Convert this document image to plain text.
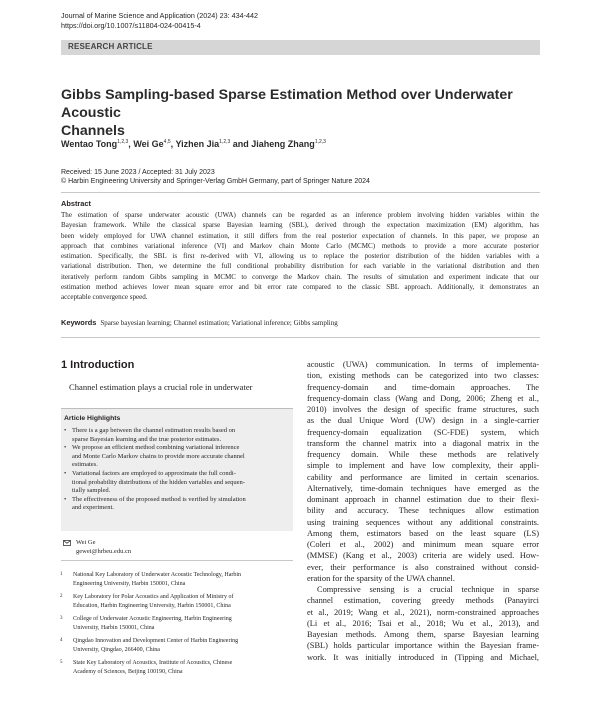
Journal of Marine Science and Application (2024) 23: 434-442
https://doi.org/10.1007/s11804-024-00415-4
RESEARCH ARTICLE
Gibbs Sampling-based Sparse Estimation Method over Underwater Acoustic
Channels
Wentao Tong$^{1,2,3}$, Wei Ge$^{4,5}$, Yizhen Jia$^{1,2,3}$ and Jiaheng Zhang$^{1,2,3}$
Received: 15 June 2023 / Accepted: 31 July 2023
© Harbin Engineering University and Springer-Verlag GmbH Germany, part of Springer Nature 2024
Abstract
The estimation of sparse underwater acoustic (UWA) channels can be regarded as an inference problem involving hidden variables within the
Bayesian framework. While the classical sparse Bayesian learning (SBL), derived through the expectation maximization (EM) algorithm, has
been widely employed for UWA channel estimation, it still differs from the real posterior expectation of channels. In this paper, we propose an
approach that combines variational inference (VI) and Markov chain Monte Carlo (MCMC) methods to provide a more accurate posterior
estimation. Specifically, the SBL is first re-derived with VI, allowing us to replace the posterior distribution of the hidden variables with a
variational distribution. Then, we determine the full conditional probability distribution for each variable in the variational distribution and then
iteratively perform random Gibbs sampling in MCMC to converge the Markov chain. The results of simulation and experiment indicate that our
estimation method achieves lower mean square error and bit error rate compared to the classic SBL approach. Additionally, it demonstrates an
acceptable convergence speed.
Keywords Sparse bayesian learning; Channel estimation; Variational inference; Gibbs sampling
1 Introduction
Channel estimation plays a crucial role in underwater
Article Highlights
• There is a gap between the channel estimation results based on
sparse Bayesian learning and the true posterior estimates.
• We propose an efficient method combining variational inference
and Monte Carlo Markov chains to provide more accurate channel
estimates.
• Variational factors are employed to approximate the full condi-
tional probability distributions of the hidden variables and sequen-
tially sampled.
• The effectiveness of the proposed method is verified by simulation
and experiment.
Wei Ge
gewei@hrbeu.edu.cn
1 National Key Laboratory of Underwater Acoustic Technology, Harbin
Engineering University, Harbin 150001, China
2 Key Laboratory for Polar Acoustics and Application of Ministry of
Education, Harbin Engineering University, Harbin 150001, China
3 College of Underwater Acoustic Engineering, Harbin Engineering
University, Harbin 150001, China
4 Qingdao Innovation and Development Center of Harbin Engineering
University, Qingdao, 266400, China
5 State Key Laboratory of Acoustics, Institute of Acoustics, Chinese
Academy of Sciences, Beijing 100190, China
acoustic (UWA) communication. In terms of implementa-
tion, existing methods can be categorized into two classes:
frequency-domain and time-domain approaches. The
frequency-domain class (Wang and Dong, 2006; Zheng et al.,
2010) involves the design of specific frame structures, such
as the dual Unique Word (UW) design in a single-carrier
frequency-domain equalization (SC-FDE) system, which
transform the channel matrix into a diagonal matrix in the
frequency domain. While these methods are relatively
simple to implement and have low complexity, their appli-
cability and performance are limited in certain scenarios.
Alternatively, time-domain techniques have emerged as the
dominant approach in channel estimation due to their flexi-
bility and accuracy. These techniques allow estimation
using training sequences without any additional constraints.
Among them, estimators based on the least square (LS)
(Coleri et al., 2002) and minimum mean square error
(MMSE) (Kang et al., 2003) criteria are widely used. How-
ever, their performance is also constrained without consid-
eration for the sparsity of the UWA channel.
Compressive sensing is a crucial technique in sparse
channel estimation, covering greedy methods (Panayirci
et al., 2019; Wang et al., 2021), norm-constrained approaches
(Li et al., 2016; Tsai et al., 2018; Wu et al., 2013), and
Bayesian methods. Among them, sparse Bayesian learning
(SBL) holds particular importance within the Bayesian frame-
work. It was initially introduced in (Tipping and Michael,
